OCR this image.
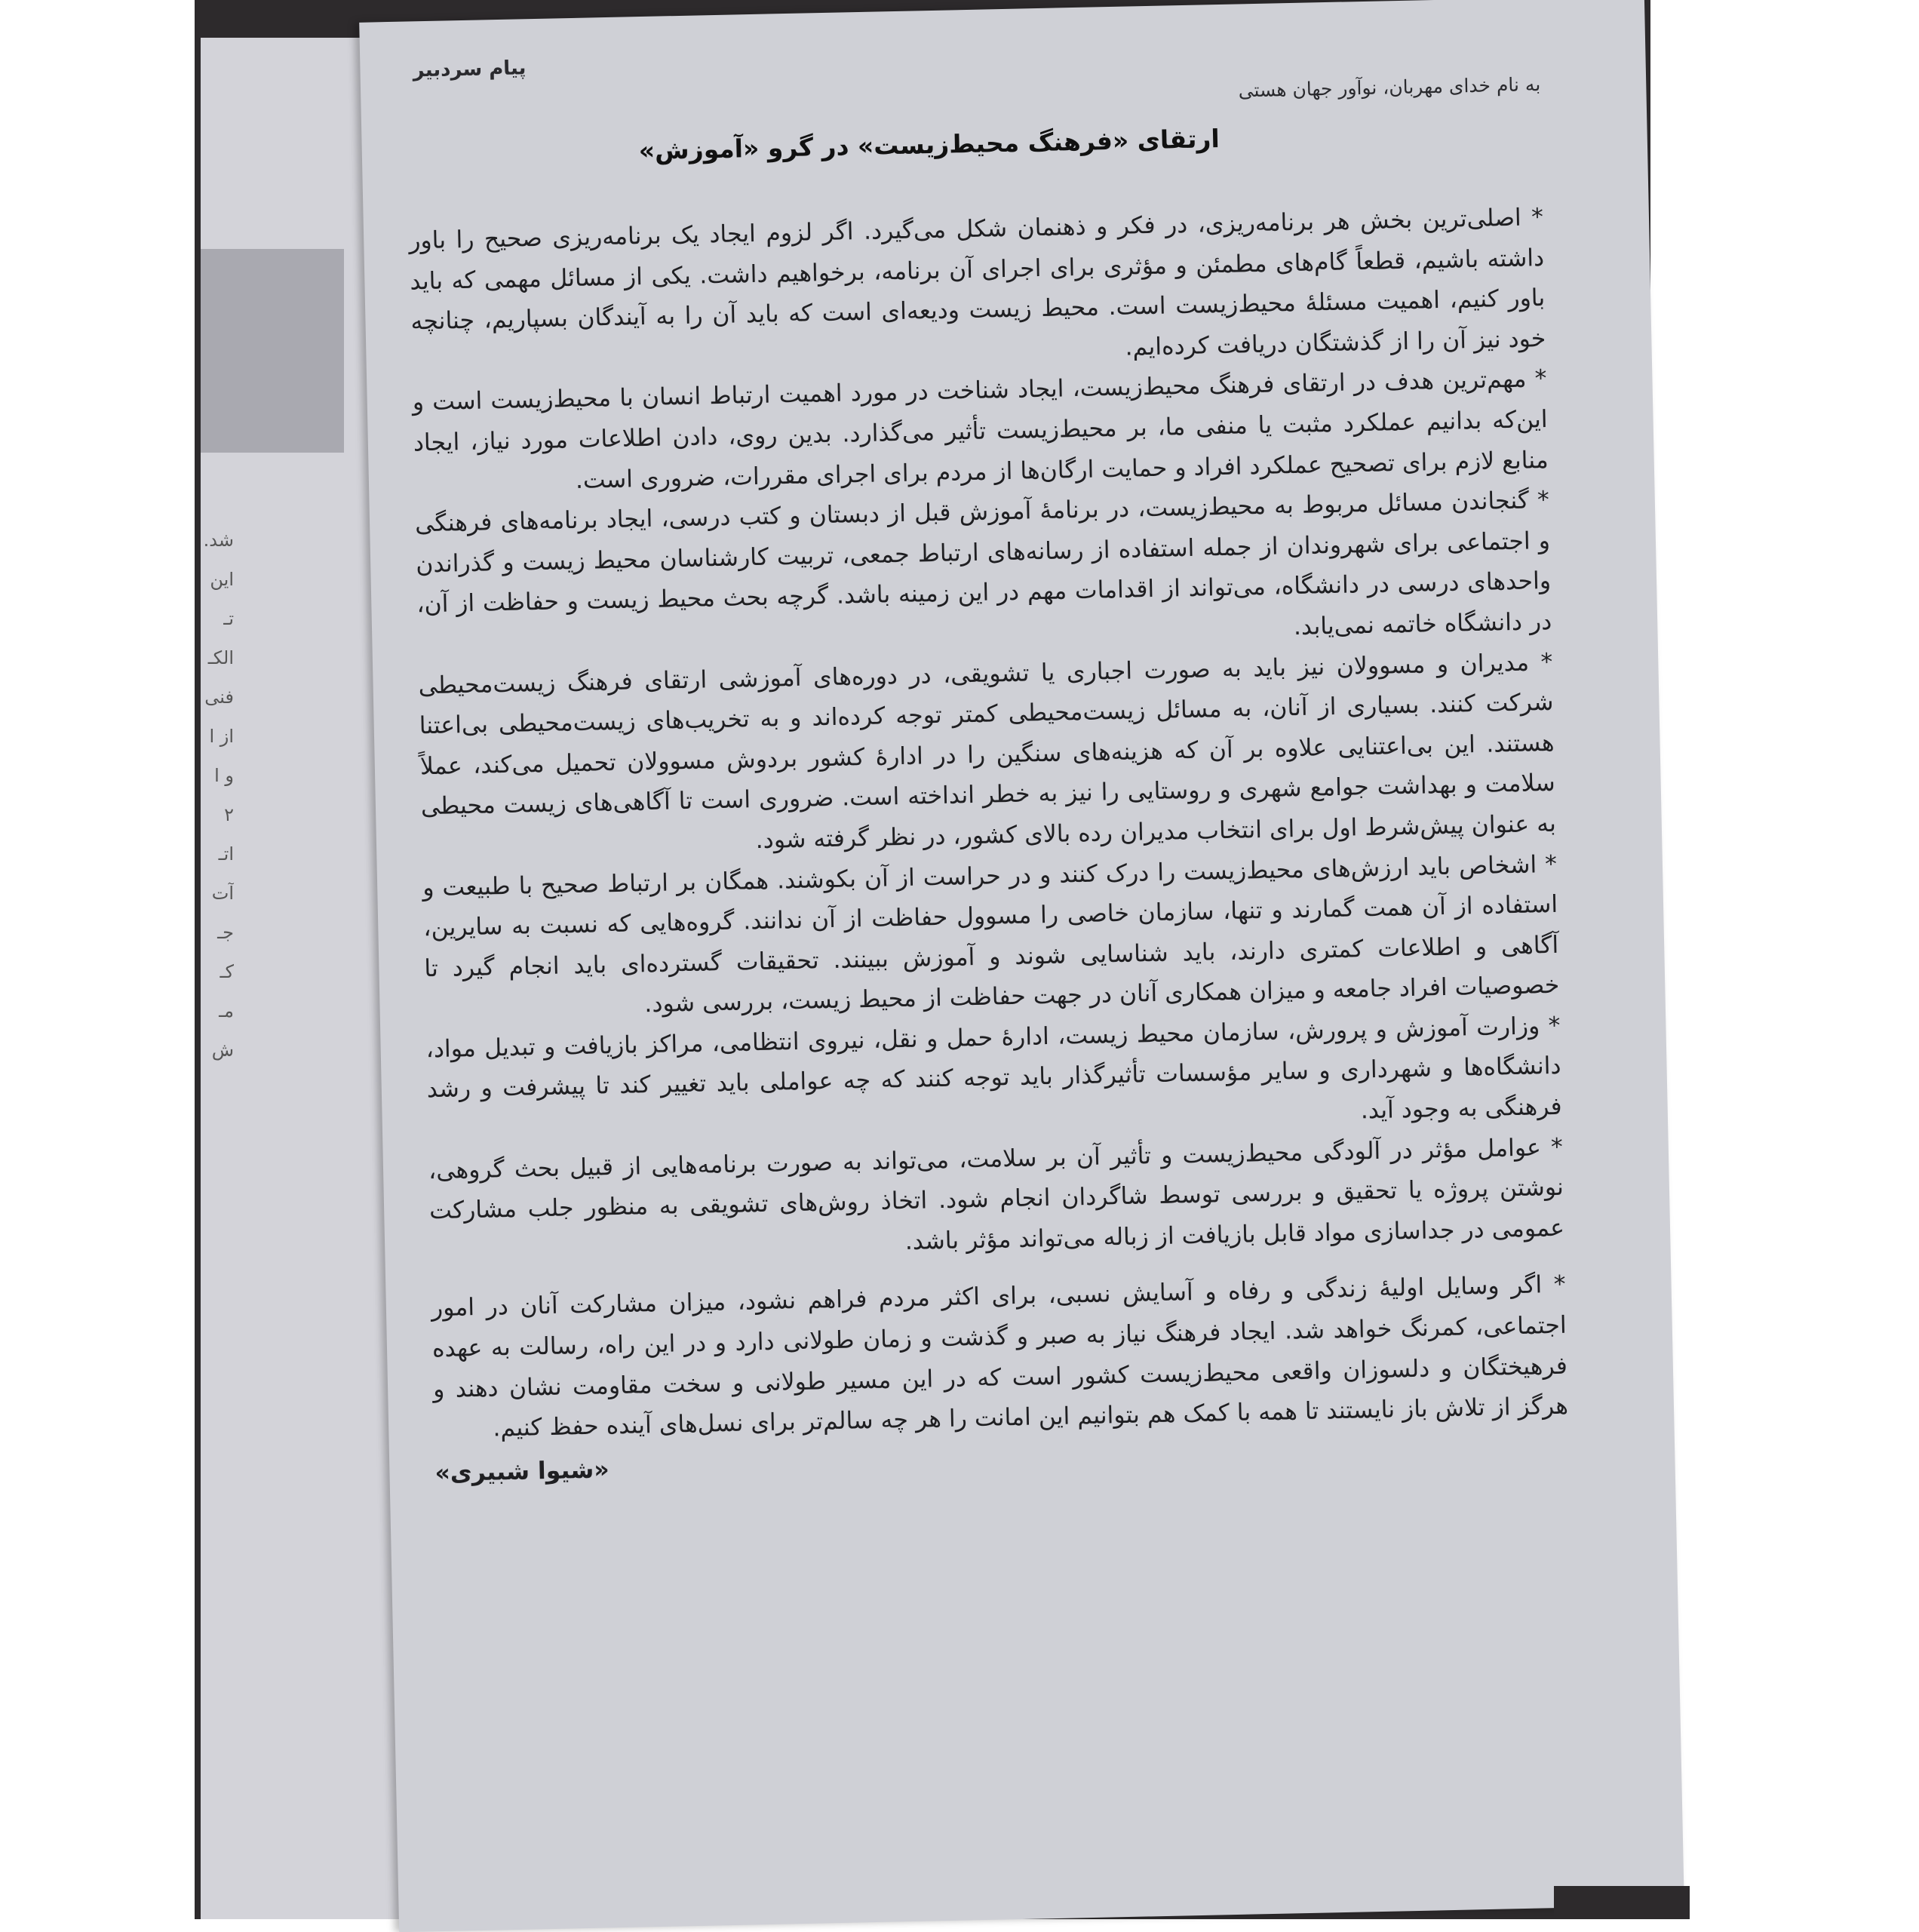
شد.
این
تـ
الکـ
فنی
از ا
و ا
۲
اتـ
آت
جـ
کـ
مـ
ش
پیام سردبیر
به نام خدای مهربان، نوآور جهان هستی
ارتقای «فرهنگ محیط‌زیست» در گرو «آموزش»

* اصلی‌ترین بخش هر برنامه‌ریزی، در فکر و ذهنمان شکل می‌گیرد. اگر لزوم ایجاد یک برنامه‌ریزی صحیح را باور داشته باشیم، قطعاً گام‌های مطمئن و مؤثری برای اجرای آن برنامه، برخواهیم داشت. یکی از مسائل مهمی که باید باور کنیم، اهمیت مسئلهٔ محیط‌زیست است. محیط زیست ودیعه‌ای است که باید آن را به آیندگان بسپاریم، چنانچه خود نیز آن را از گذشتگان دریافت کرده‌ایم.

* مهم‌ترین هدف در ارتقای فرهنگ محیط‌زیست، ایجاد شناخت در مورد اهمیت ارتباط انسان با محیط‌زیست است و این‌که بدانیم عملکرد مثبت یا منفی ما، بر محیط‌زیست تأثیر می‌گذارد. بدین روی، دادن اطلاعات مورد نیاز، ایجاد منابع لازم برای تصحیح عملکرد افراد و حمایت ارگان‌ها از مردم برای اجرای مقررات، ضروری است.

* گنجاندن مسائل مربوط به محیط‌زیست، در برنامهٔ آموزش قبل از دبستان و کتب درسی، ایجاد برنامه‌های فرهنگی و اجتماعی برای شهروندان از جمله استفاده از رسانه‌های ارتباط جمعی، تربیت کارشناسان محیط زیست و گذراندن واحدهای درسی در دانشگاه، می‌تواند از اقدامات مهم در این زمینه باشد. گرچه بحث محیط زیست و حفاظت از آن، در دانشگاه خاتمه نمی‌یابد.

* مدیران و مسوولان نیز باید به صورت اجباری یا تشویقی، در دوره‌های آموزشی ارتقای فرهنگ زیست‌محیطی شرکت کنند. بسیاری از آنان، به مسائل زیست‌محیطی کمتر توجه کرده‌اند و به تخریب‌های زیست‌محیطی بی‌اعتنا هستند. این بی‌اعتنایی علاوه بر آن که هزینه‌های سنگین را در ادارهٔ کشور بردوش مسوولان تحمیل می‌کند، عملاً سلامت و بهداشت جوامع شهری و روستایی را نیز به خطر انداخته است. ضروری است تا آگاهی‌های زیست محیطی به عنوان پیش‌شرط اول برای انتخاب مدیران رده بالای کشور، در نظر گرفته شود.

* اشخاص باید ارزش‌های محیط‌زیست را درک کنند و در حراست از آن بکوشند. همگان بر ارتباط صحیح با طبیعت و استفاده از آن همت گمارند و تنها، سازمان خاصی را مسوول حفاظت از آن ندانند. گروه‌هایی که نسبت به سایرین، آگاهی و اطلاعات کمتری دارند، باید شناسایی شوند و آموزش ببینند. تحقیقات گسترده‌ای باید انجام گیرد تا خصوصیات افراد جامعه و میزان همکاری آنان در جهت حفاظت از محیط زیست، بررسی شود.

* وزارت آموزش و پرورش، سازمان محیط زیست، ادارهٔ حمل و نقل، نیروی انتظامی، مراکز بازیافت و تبدیل مواد، دانشگاه‌ها و شهرداری و سایر مؤسسات تأثیرگذار باید توجه کنند که چه عواملی باید تغییر کند تا پیشرفت و رشد فرهنگی به وجود آید.

* عوامل مؤثر در آلودگی محیط‌زیست و تأثیر آن بر سلامت، می‌تواند به صورت برنامه‌هایی از قبیل بحث گروهی، نوشتن پروژه یا تحقیق و بررسی توسط شاگردان انجام شود. اتخاذ روش‌های تشویقی به منظور جلب مشارکت عمومی در جداسازی مواد قابل بازیافت از زباله می‌تواند مؤثر باشد.

* اگر وسایل اولیهٔ زندگی و رفاه و آسایش نسبی، برای اکثر مردم فراهم نشود، میزان مشارکت آنان در امور اجتماعی، کمرنگ خواهد شد. ایجاد فرهنگ نیاز به صبر و گذشت و زمان طولانی دارد و در این راه، رسالت به عهده فرهیختگان و دلسوزان واقعی محیط‌زیست کشور است که در این مسیر طولانی و سخت مقاومت نشان دهند و هرگز از تلاش باز نایستند تا همه با کمک هم بتوانیم این امانت را هر چه سالم‌تر برای نسل‌های آینده حفظ کنیم.

«شیوا شبیری»
